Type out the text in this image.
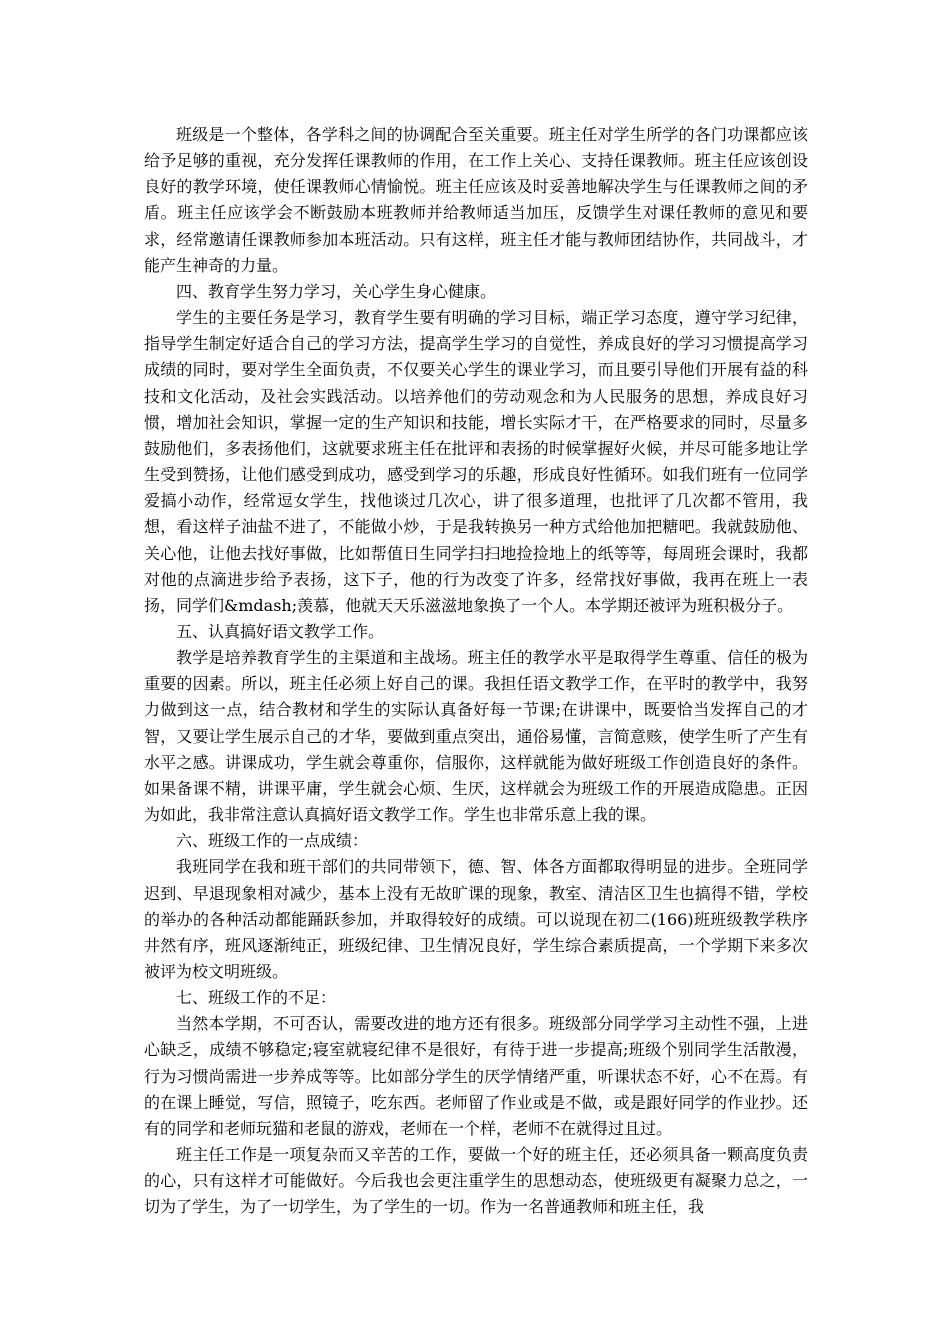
班级是一个整体，各学科之间的协调配合至关重要。班主任对学生所学的各门功课都应该给予足够的重视，充分发挥任课教师的作用，在工作上关心、支持任课教师。班主任应该创设良好的教学环境，使任课教师心情愉悦。班主任应该及时妥善地解决学生与任课教师之间的矛盾。班主任应该学会不断鼓励本班教师并给教师适当加压，反馈学生对课任教师的意见和要求，经常邀请任课教师参加本班活动。只有这样，班主任才能与教师团结协作，共同战斗，才能产生神奇的力量。

四、教育学生努力学习，关心学生身心健康。

学生的主要任务是学习，教育学生要有明确的学习目标，端正学习态度，遵守学习纪律，指导学生制定好适合自己的学习方法，提高学生学习的自觉性，养成良好的学习习惯提高学习成绩的同时，要对学生全面负责，不仅要关心学生的课业学习，而且要引导他们开展有益的科技和文化活动，及社会实践活动。以培养他们的劳动观念和为人民服务的思想，养成良好习惯，增加社会知识，掌握一定的生产知识和技能，增长实际才干，在严格要求的同时，尽量多鼓励他们，多表扬他们，这就要求班主任在批评和表扬的时候掌握好火候，并尽可能多地让学生受到赞扬，让他们感受到成功，感受到学习的乐趣，形成良好性循环。如我们班有一位同学爱搞小动作，经常逗女学生，找他谈过几次心，讲了很多道理，也批评了几次都不管用，我想，看这样子油盐不进了，不能做小炒，于是我转换另一种方式给他加把糖吧。我就鼓励他、关心他，让他去找好事做，比如帮值日生同学扫扫地捡捡地上的纸等等，每周班会课时，我都对他的点滴进步给予表扬，这下子，他的行为改变了许多，经常找好事做，我再在班上一表扬，同学们&mdash;羡慕，他就天天乐滋滋地象换了一个人。本学期还被评为班积极分子。

五、认真搞好语文教学工作。

教学是培养教育学生的主渠道和主战场。班主任的教学水平是取得学生尊重、信任的极为重要的因素。所以，班主任必须上好自己的课。我担任语文教学工作，在平时的教学中，我努力做到这一点，结合教材和学生的实际认真备好每一节课;在讲课中，既要恰当发挥自己的才智，又要让学生展示自己的才华，要做到重点突出，通俗易懂，言简意赅，使学生听了产生有水平之感。讲课成功，学生就会尊重你，信服你，这样就能为做好班级工作创造良好的条件。如果备课不精，讲课平庸，学生就会心烦、生厌，这样就会为班级工作的开展造成隐患。正因为如此，我非常注意认真搞好语文教学工作。学生也非常乐意上我的课。

六、班级工作的一点成绩：

我班同学在我和班干部们的共同带领下，德、智、体各方面都取得明显的进步。全班同学迟到、早退现象相对减少，基本上没有无故旷课的现象，教室、清洁区卫生也搞得不错，学校的举办的各种活动都能踊跃参加，并取得较好的成绩。可以说现在初二(166)班班级教学秩序井然有序，班风逐渐纯正，班级纪律、卫生情况良好，学生综合素质提高，一个学期下来多次被评为校文明班级。

七、班级工作的不足：

当然本学期，不可否认，需要改进的地方还有很多。班级部分同学学习主动性不强，上进心缺乏，成绩不够稳定;寝室就寝纪律不是很好，有待于进一步提高;班级个别同学生活散漫，行为习惯尚需进一步养成等等。比如部分学生的厌学情绪严重，听课状态不好，心不在焉。有的在课上睡觉，写信，照镜子，吃东西。老师留了作业或是不做，或是跟好同学的作业抄。还有的同学和老师玩猫和老鼠的游戏，老师在一个样，老师不在就得过且过。

班主任工作是一项复杂而又辛苦的工作，要做一个好的班主任，还必须具备一颗高度负责的心，只有这样才可能做好。今后我也会更注重学生的思想动态，使班级更有凝聚力总之，一切为了学生，为了一切学生，为了学生的一切。作为一名普通教师和班主任，我
